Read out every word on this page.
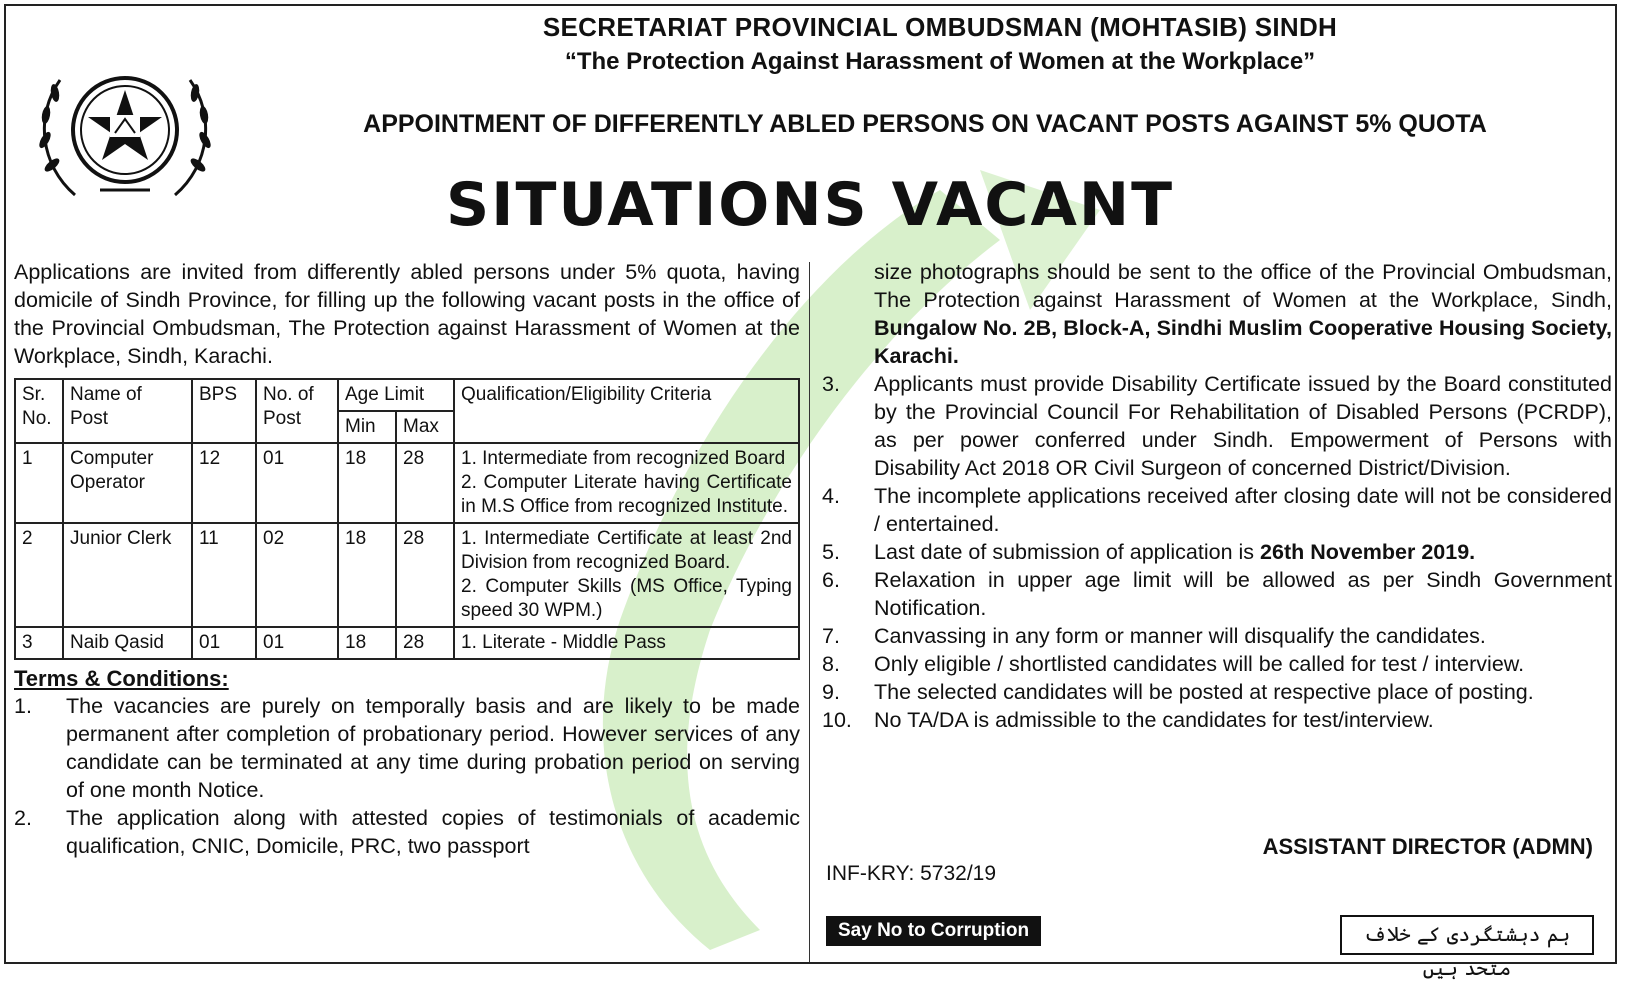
SECRETARIAT PROVINCIAL OMBUDSMAN (MOHTASIB) SINDH
“The Protection Against Harassment of Women at the Workplace”
APPOINTMENT OF DIFFERENTLY ABLED PERSONS ON VACANT POSTS AGAINST 5% QUOTA
SITUATIONS VACANT

Applications are invited from differently abled persons under 5% quota, having domicile of Sindh Province, for filling up the following vacant posts in the office of the Provincial Ombudsman, The Protection against Harassment of Women at the Workplace, Sindh, Karachi.

Sr. No.	Name of Post	BPS	No. of Post	Age Limit		Qualification/Eligibility Criteria
				Min	Max	
1	Computer Operator	12	01	18	28	1. Intermediate from recognized Board
2. Computer Literate having Certificate in M.S Office from recognized Institute.

2	Junior Clerk	11	02	18	28	1. Intermediate Certificate at least 2nd Division from recognized Board.
2. Computer Skills (MS Office, Typing speed 30 WPM.)

3	Naib Qasid	01	01	18	28	1. Literate - Middle Pass
Terms & Conditions:
1.	The vacancies are purely on temporally basis and are likely to be made permanent after completion of probationary period. However services of any candidate can be terminated at any time during probation period on serving of one month Notice.
2.	The application along with attested copies of testimonials of academic qualification, CNIC, Domicile, PRC, two passport
size photographs should be sent to the office of the Provincial Ombudsman, The Protection against Harassment of Women at the Workplace, Sindh, Bungalow No. 2B, Block-A, Sindhi Muslim Cooperative Housing Society, Karachi.
3.	Applicants must provide Disability Certificate issued by the Board constituted by the Provincial Council For Rehabilitation of Disabled Persons (PCRDP), as per power conferred under Sindh. Empowerment of Persons with Disability Act 2018 OR Civil Surgeon of concerned District/Division.
4.	The incomplete applications received after closing date will not be considered / entertained.
5.	Last date of submission of application is 26th November 2019.
6.	Relaxation in upper age limit will be allowed as per Sindh Government Notification.
7.	Canvassing in any form or manner will disqualify the candidates.
8.	Only eligible / shortlisted candidates will be called for test / interview.
9.	The selected candidates will be posted at respective place of posting.
10.	No TA/DA is admissible to the candidates for test/interview.
ASSISTANT DIRECTOR (ADMN)
INF-KRY: 5732/19
Say No to Corruption	ہم دہشتگردی کے خلاف متحد ہیں
